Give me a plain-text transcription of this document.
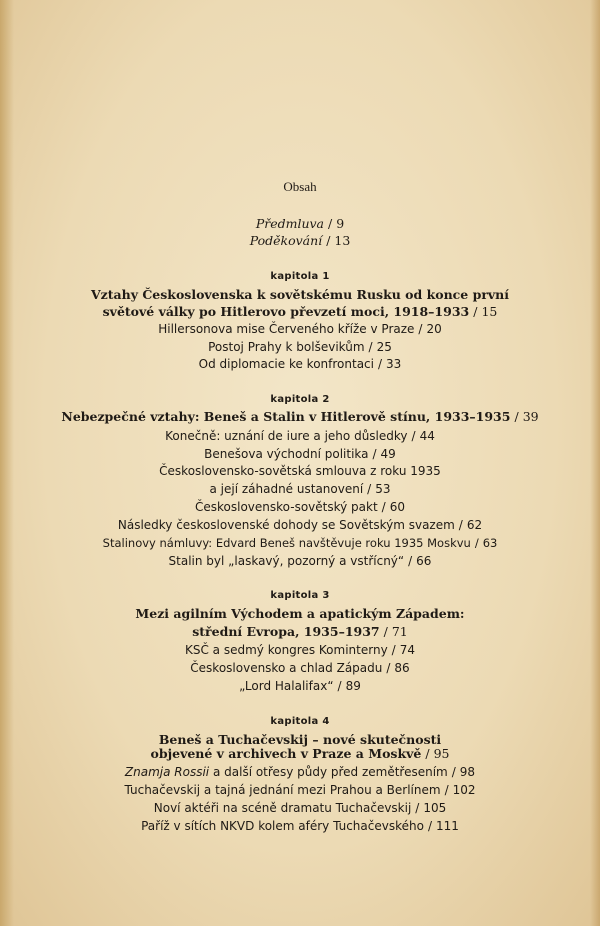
Obsah
Předmluva / 9
Poděkování / 13
kapitola 1
Vztahy Československa k sovětskému Rusku od konce první
světové války po Hitlerovo převzetí moci, 1918–1933 / 15
Hillersonova mise Červeného kříže v Praze / 20
Postoj Prahy k bolševikům / 25
Od diplomacie ke konfrontaci / 33
kapitola 2
Nebezpečné vztahy: Beneš a Stalin v Hitlerově stínu, 1933–1935 / 39
Konečně: uznání de iure a jeho důsledky / 44
Benešova východní politika / 49
Československo-sovětská smlouva z roku 1935
a její záhadné ustanovení / 53
Československo-sovětský pakt / 60
Následky československé dohody se Sovětským svazem / 62
Stalinovy námluvy: Edvard Beneš navštěvuje roku 1935 Moskvu / 63
Stalin byl „laskavý, pozorný a vstřícný“ / 66
kapitola 3
Mezi agilním Východem a apatickým Západem:
střední Evropa, 1935–1937 / 71
KSČ a sedmý kongres Kominterny / 74
Československo a chlad Západu / 86
„Lord Halalifax“ / 89
kapitola 4
Beneš a Tuchačevskij – nové skutečnosti
objevené v archivech v Praze a Moskvě / 95
Znamja Rossii a další otřesy půdy před zemětřesením / 98
Tuchačevskij a tajná jednání mezi Prahou a Berlínem / 102
Noví aktéři na scéně dramatu Tuchačevskij / 105
Paříž v sítích NKVD kolem aféry Tuchačevského / 111
